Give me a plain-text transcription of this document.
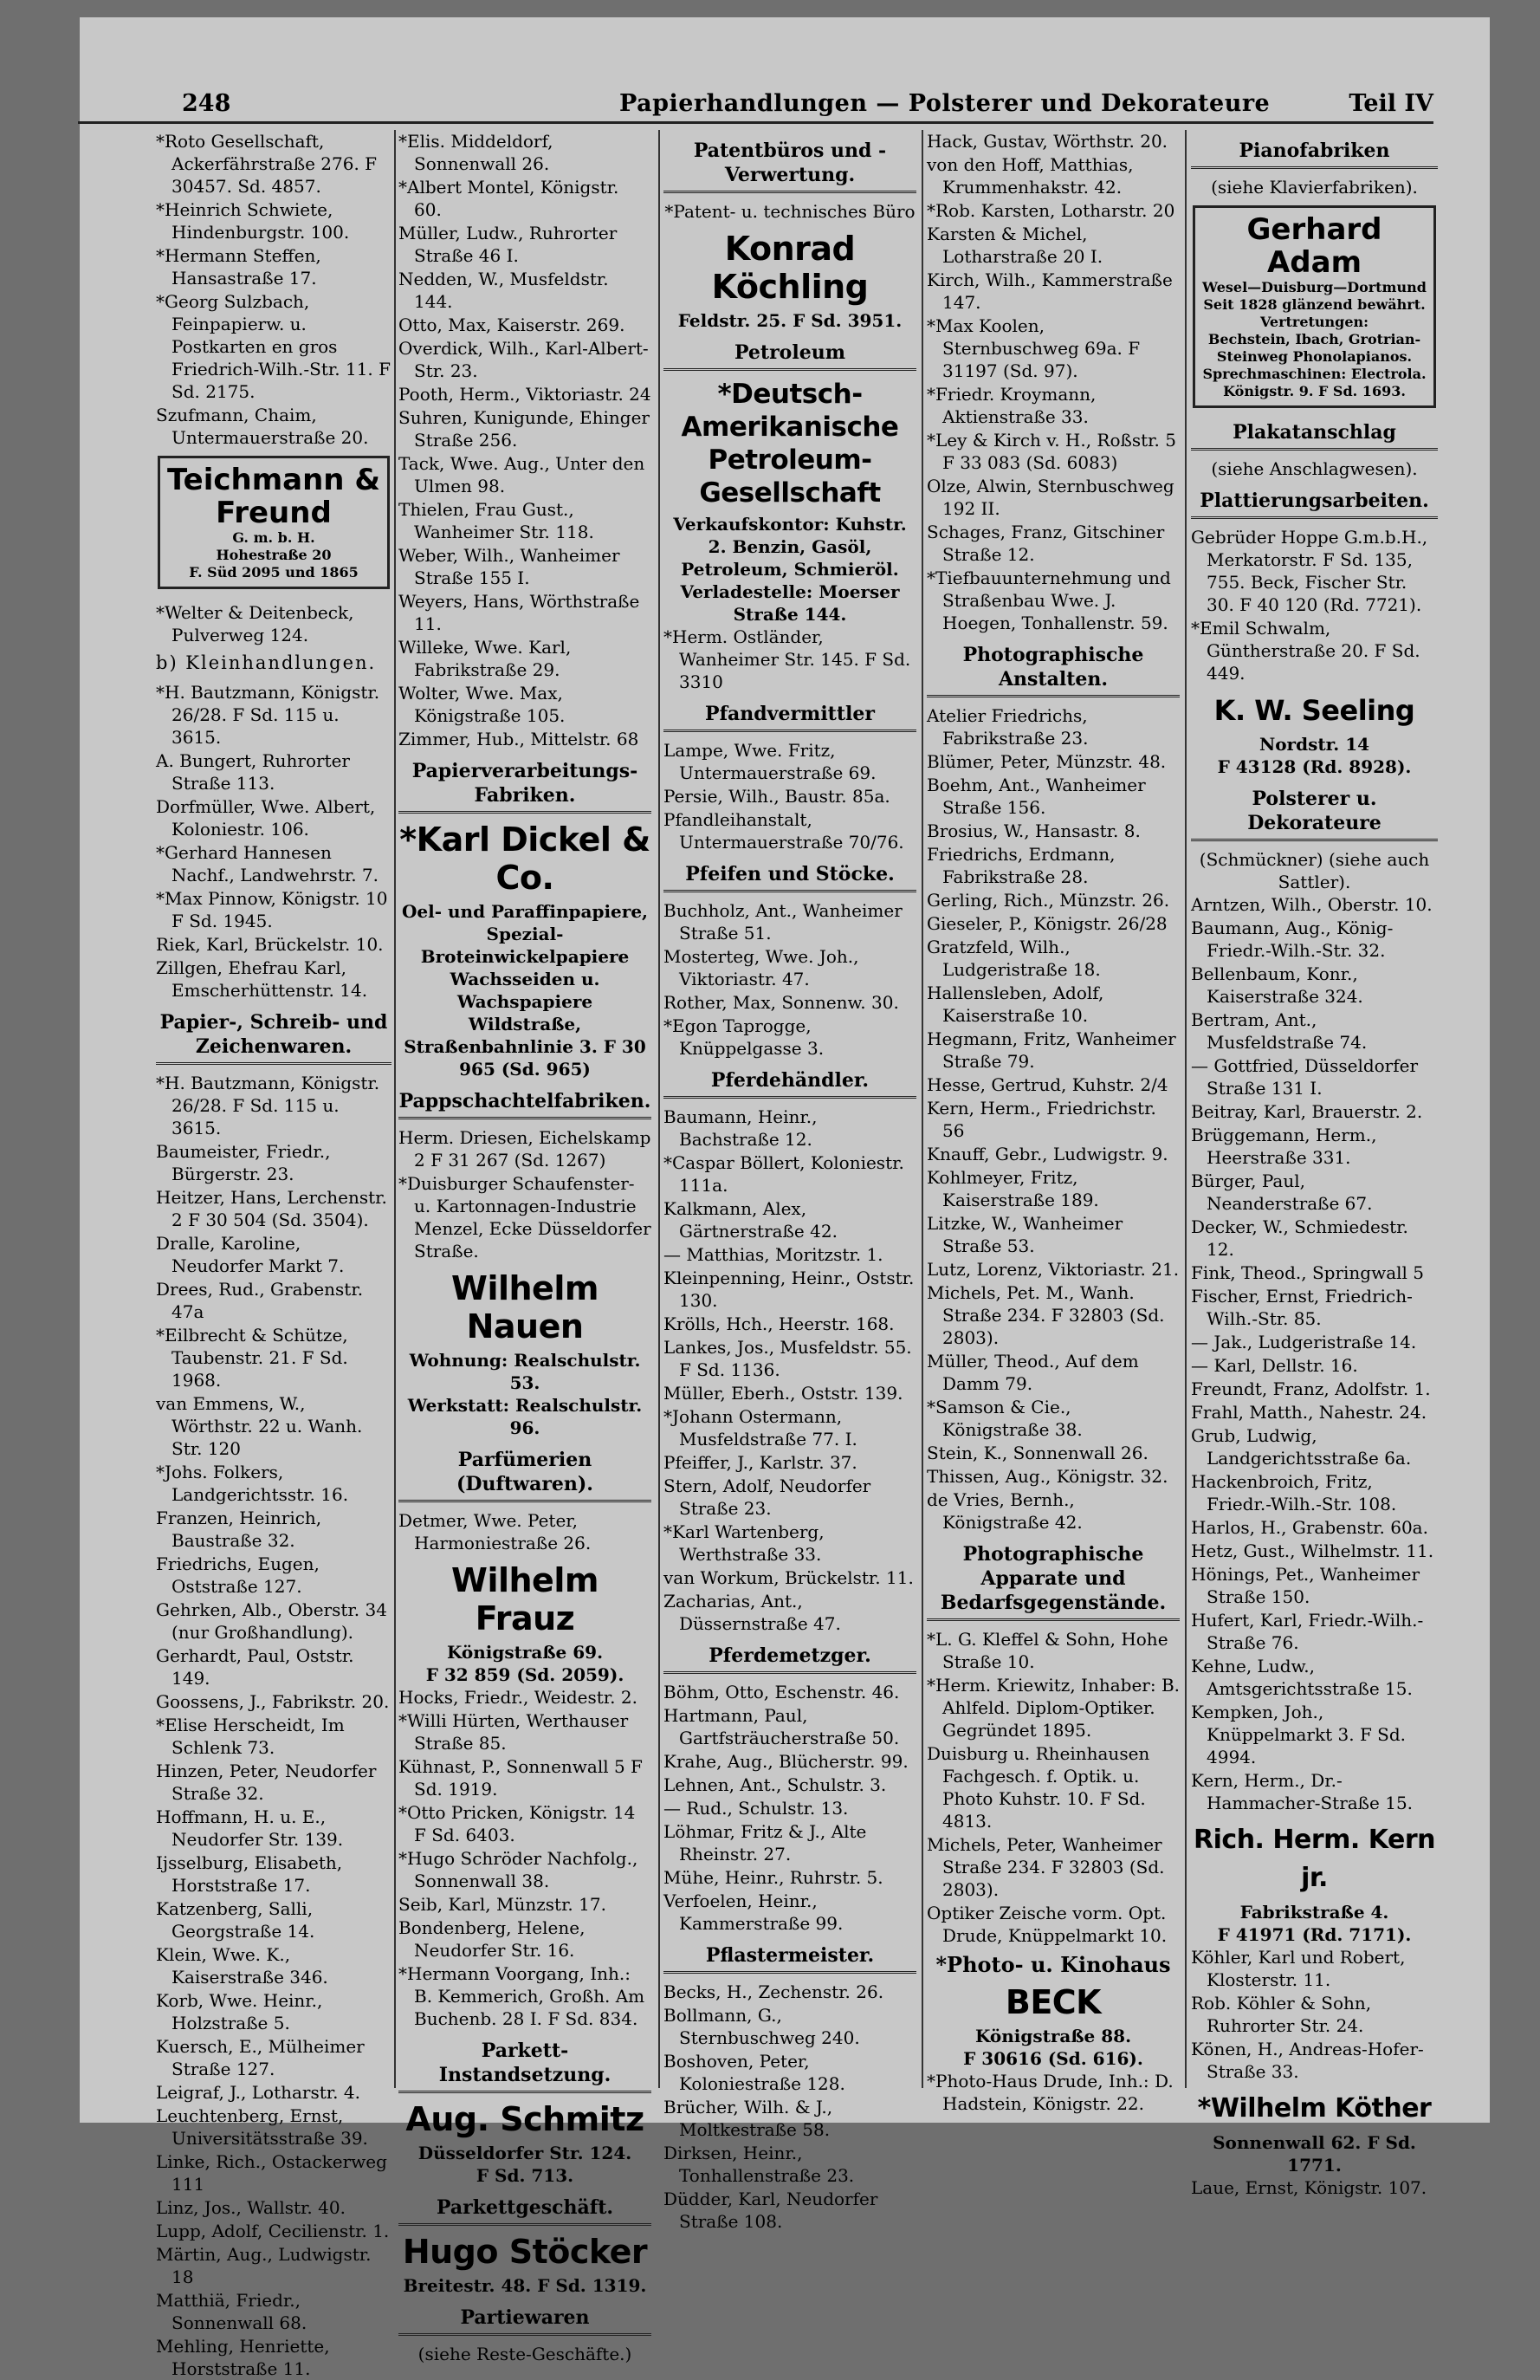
248	Papierhandlungen — Polsterer und Dekorateure	Teil IV
*Roto Gesellschaft, Ackerfährstraße 276. F 30457. Sd. 4857.
*Heinrich Schwiete, Hindenburgstr. 100.
*Hermann Steffen, Hansastraße 17.
*Georg Sulzbach, Feinpapierw. u. Postkarten en gros Friedrich-Wilh.-Str. 11. F Sd. 2175.
Szufmann, Chaim, Untermauerstraße 20.
Teichmann & Freund
G. m. b. H.
Hohestraße 20
F. Süd 2095 und 1865
*Welter & Deitenbeck, Pulverweg 124.
b) Kleinhandlungen.
*H. Bautzmann, Königstr. 26/28. F Sd. 115 u. 3615.
A. Bungert, Ruhrorter Straße 113.
Dorfmüller, Wwe. Albert, Koloniestr. 106.
*Gerhard Hannesen Nachf., Landwehrstr. 7.
*Max Pinnow, Königstr. 10 F Sd. 1945.
Riek, Karl, Brückelstr. 10.
Zillgen, Ehefrau Karl, Emscherhüttenstr. 14.
Papier-, Schreib- und Zeichenwaren.
*H. Bautzmann, Königstr. 26/28. F Sd. 115 u. 3615.
Baumeister, Friedr., Bürgerstr. 23.
Heitzer, Hans, Lerchenstr. 2 F 30 504 (Sd. 3504).
Dralle, Karoline, Neudorfer Markt 7.
Drees, Rud., Grabenstr. 47a
*Eilbrecht & Schütze, Taubenstr. 21. F Sd. 1968.
van Emmens, W., Wörthstr. 22 u. Wanh. Str. 120
*Johs. Folkers, Landgerichtsstr. 16.
Franzen, Heinrich, Baustraße 32.
Friedrichs, Eugen, Oststraße 127.
Gehrken, Alb., Oberstr. 34 (nur Großhandlung).
Gerhardt, Paul, Oststr. 149.
Goossens, J., Fabrikstr. 20.
*Elise Herscheidt, Im Schlenk 73.
Hinzen, Peter, Neudorfer Straße 32.
Hoffmann, H. u. E., Neudorfer Str. 139.
Ijsselburg, Elisabeth, Horststraße 17.
Katzenberg, Salli, Georgstraße 14.
Klein, Wwe. K., Kaiserstraße 346.
Korb, Wwe. Heinr., Holzstraße 5.
Kuersch, E., Mülheimer Straße 127.
Leigraf, J., Lotharstr. 4.
Leuchtenberg, Ernst, Universitätsstraße 39.
Linke, Rich., Ostackerweg 111
Linz, Jos., Wallstr. 40.
Lupp, Adolf, Cecilienstr. 1.
Märtin, Aug., Ludwigstr. 18
Matthiä, Friedr., Sonnenwall 68.
Mehling, Henriette, Horststraße 11.
*Elis. Middeldorf, Sonnenwall 26.
*Albert Montel, Königstr. 60.
Müller, Ludw., Ruhrorter Straße 46 I.
Nedden, W., Musfeldstr. 144.
Otto, Max, Kaiserstr. 269.
Overdick, Wilh., Karl-Albert-Str. 23.
Pooth, Herm., Viktoriastr. 24
Suhren, Kunigunde, Ehinger Straße 256.
Tack, Wwe. Aug., Unter den Ulmen 98.
Thielen, Frau Gust., Wanheimer Str. 118.
Weber, Wilh., Wanheimer Straße 155 I.
Weyers, Hans, Wörthstraße 11.
Willeke, Wwe. Karl, Fabrikstraße 29.
Wolter, Wwe. Max, Königstraße 105.
Zimmer, Hub., Mittelstr. 68
Papierverarbeitungs-Fabriken.
*Karl Dickel & Co.
Oel- und Paraffinpapiere, Spezial-Broteinwickelpapiere Wachsseiden u. Wachspapiere
Wildstraße, Straßenbahnlinie 3. F 30 965 (Sd. 965)
Pappschachtelfabriken.
Herm. Driesen, Eichelskamp 2 F 31 267 (Sd. 1267)
*Duisburger Schaufenster- u. Kartonnagen-Industrie Menzel, Ecke Düsseldorfer Straße.
Wilhelm Nauen
Wohnung: Realschulstr. 53.
Werkstatt: Realschulstr. 96.
Parfümerien (Duftwaren).
Detmer, Wwe. Peter, Harmoniestraße 26.
Wilhelm Frauz
Königstraße 69.
F 32 859 (Sd. 2059).
Hocks, Friedr., Weidestr. 2.
*Willi Hürten, Werthauser Straße 85.
Kühnast, P., Sonnenwall 5 F Sd. 1919.
*Otto Pricken, Königstr. 14 F Sd. 6403.
*Hugo Schröder Nachfolg., Sonnenwall 38.
Seib, Karl, Münzstr. 17.
Bondenberg, Helene, Neudorfer Str. 16.
*Hermann Voorgang, Inh.: B. Kemmerich, Großh. Am Buchenb. 28 I. F Sd. 834.
Parkett-Instandsetzung.
Aug. Schmitz
Düsseldorfer Str. 124.
F Sd. 713.
Parkettgeschäft.
Hugo Stöcker
Breitestr. 48. F Sd. 1319.
Partiewaren
(siehe Reste-Geschäfte.)
Patentbüros und -Verwertung.
*Patent- u. technisches Büro
Konrad Köchling
Feldstr. 25. F Sd. 3951.
Petroleum
*Deutsch-Amerikanische Petroleum-Gesellschaft
Verkaufskontor: Kuhstr. 2. Benzin, Gasöl, Petroleum, Schmieröl. Verladestelle: Moerser Straße 144.
*Herm. Ostländer, Wanheimer Str. 145. F Sd. 3310
Pfandvermittler
Lampe, Wwe. Fritz, Untermauerstraße 69.
Persie, Wilh., Baustr. 85a.
Pfandleihanstalt, Untermauerstraße 70/76.
Pfeifen und Stöcke.
Buchholz, Ant., Wanheimer Straße 51.
Mosterteg, Wwe. Joh., Viktoriastr. 47.
Rother, Max, Sonnenw. 30.
*Egon Taprogge, Knüppelgasse 3.
Pferdehändler.
Baumann, Heinr., Bachstraße 12.
*Caspar Böllert, Koloniestr. 111a.
Kalkmann, Alex, Gärtnerstraße 42.
— Matthias, Moritzstr. 1.
Kleinpenning, Heinr., Oststr. 130.
Krölls, Hch., Heerstr. 168.
Lankes, Jos., Musfeldstr. 55. F Sd. 1136.
Müller, Eberh., Oststr. 139.
*Johann Ostermann, Musfeldstraße 77. I.
Pfeiffer, J., Karlstr. 37.
Stern, Adolf, Neudorfer Straße 23.
*Karl Wartenberg, Werthstraße 33.
van Workum, Brückelstr. 11.
Zacharias, Ant., Düssernstraße 47.
Pferdemetzger.
Böhm, Otto, Eschenstr. 46.
Hartmann, Paul, Gartfsträucherstraße 50.
Krahe, Aug., Blücherstr. 99.
Lehnen, Ant., Schulstr. 3.
— Rud., Schulstr. 13.
Löhmar, Fritz & J., Alte Rheinstr. 27.
Mühe, Heinr., Ruhrstr. 5.
Verfoelen, Heinr., Kammerstraße 99.
Pflastermeister.
Becks, H., Zechenstr. 26.
Bollmann, G., Sternbuschweg 240.
Boshoven, Peter, Koloniestraße 128.
Brücher, Wilh. & J., Moltkestraße 58.
Dirksen, Heinr., Tonhallenstraße 23.
Düdder, Karl, Neudorfer Straße 108.
Hack, Gustav, Wörthstr. 20.
von den Hoff, Matthias, Krummenhakstr. 42.
*Rob. Karsten, Lotharstr. 20
Karsten & Michel, Lotharstraße 20 I.
Kirch, Wilh., Kammerstraße 147.
*Max Koolen, Sternbuschweg 69a. F 31197 (Sd. 97).
*Friedr. Kroymann, Aktienstraße 33.
*Ley & Kirch v. H., Roßstr. 5 F 33 083 (Sd. 6083)
Olze, Alwin, Sternbuschweg 192 II.
Schages, Franz, Gitschiner Straße 12.
*Tiefbauunternehmung und Straßenbau Wwe. J. Hoegen, Tonhallenstr. 59.
Photographische Anstalten.
Atelier Friedrichs, Fabrikstraße 23.
Blümer, Peter, Münzstr. 48.
Boehm, Ant., Wanheimer Straße 156.
Brosius, W., Hansastr. 8.
Friedrichs, Erdmann, Fabrikstraße 28.
Gerling, Rich., Münzstr. 26.
Gieseler, P., Königstr. 26/28
Gratzfeld, Wilh., Ludgeristraße 18.
Hallensleben, Adolf, Kaiserstraße 10.
Hegmann, Fritz, Wanheimer Straße 79.
Hesse, Gertrud, Kuhstr. 2/4
Kern, Herm., Friedrichstr. 56
Knauff, Gebr., Ludwigstr. 9.
Kohlmeyer, Fritz, Kaiserstraße 189.
Litzke, W., Wanheimer Straße 53.
Lutz, Lorenz, Viktoriastr. 21.
Michels, Pet. M., Wanh. Straße 234. F 32803 (Sd. 2803).
Müller, Theod., Auf dem Damm 79.
*Samson & Cie., Königstraße 38.
Stein, K., Sonnenwall 26.
Thissen, Aug., Königstr. 32.
de Vries, Bernh., Königstraße 42.
Photographische Apparate und Bedarfsgegenstände.
*L. G. Kleffel & Sohn, Hohe Straße 10.
*Herm. Kriewitz, Inhaber: B. Ahlfeld. Diplom-Optiker. Gegründet 1895.
Duisburg u. Rheinhausen Fachgesch. f. Optik. u. Photo Kuhstr. 10. F Sd. 4813.
Michels, Peter, Wanheimer Straße 234. F 32803 (Sd. 2803).
Optiker Zeische vorm. Opt. Drude, Knüppelmarkt 10.
*Photo- u. Kinohaus
BECK
Königstraße 88.
F 30616 (Sd. 616).
*Photo-Haus Drude, Inh.: D. Hadstein, Königstr. 22.
Pianofabriken
(siehe Klavierfabriken).
Gerhard Adam
Wesel—Duisburg—Dortmund
Seit 1828 glänzend bewährt.
Vertretungen:
Bechstein, Ibach, Grotrian-Steinweg Phonolapianos.
Sprechmaschinen: Electrola.
Königstr. 9. F Sd. 1693.
Plakatanschlag
(siehe Anschlagwesen).
Plattierungsarbeiten.
Gebrüder Hoppe G.m.b.H., Merkatorstr. F Sd. 135, 755. Beck, Fischer Str. 30. F 40 120 (Rd. 7721).
*Emil Schwalm, Güntherstraße 20. F Sd. 449.
K. W. Seeling
Nordstr. 14
F 43128 (Rd. 8928).
Polsterer u. Dekorateure
(Schmückner) (siehe auch Sattler).
Arntzen, Wilh., Oberstr. 10.
Baumann, Aug., König-Friedr.-Wilh.-Str. 32.
Bellenbaum, Konr., Kaiserstraße 324.
Bertram, Ant., Musfeldstraße 74.
— Gottfried, Düsseldorfer Straße 131 I.
Beitray, Karl, Brauerstr. 2.
Brüggemann, Herm., Heerstraße 331.
Bürger, Paul, Neanderstraße 67.
Decker, W., Schmiedestr. 12.
Fink, Theod., Springwall 5
Fischer, Ernst, Friedrich-Wilh.-Str. 85.
— Jak., Ludgeristraße 14.
— Karl, Dellstr. 16.
Freundt, Franz, Adolfstr. 1.
Frahl, Matth., Nahestr. 24.
Grub, Ludwig, Landgerichtsstraße 6a.
Hackenbroich, Fritz, Friedr.-Wilh.-Str. 108.
Harlos, H., Grabenstr. 60a.
Hetz, Gust., Wilhelmstr. 11.
Hönings, Pet., Wanheimer Straße 150.
Hufert, Karl, Friedr.-Wilh.-Straße 76.
Kehne, Ludw., Amtsgerichtsstraße 15.
Kempken, Joh., Knüppelmarkt 3. F Sd. 4994.
Kern, Herm., Dr.-Hammacher-Straße 15.
Rich. Herm. Kern jr.
Fabrikstraße 4.
F 41971 (Rd. 7171).
Köhler, Karl und Robert, Klosterstr. 11.
Rob. Köhler & Sohn, Ruhrorter Str. 24.
Könen, H., Andreas-Hofer-Straße 33.
*Wilhelm Köther
Sonnenwall 62. F Sd. 1771.
Laue, Ernst, Königstr. 107.
